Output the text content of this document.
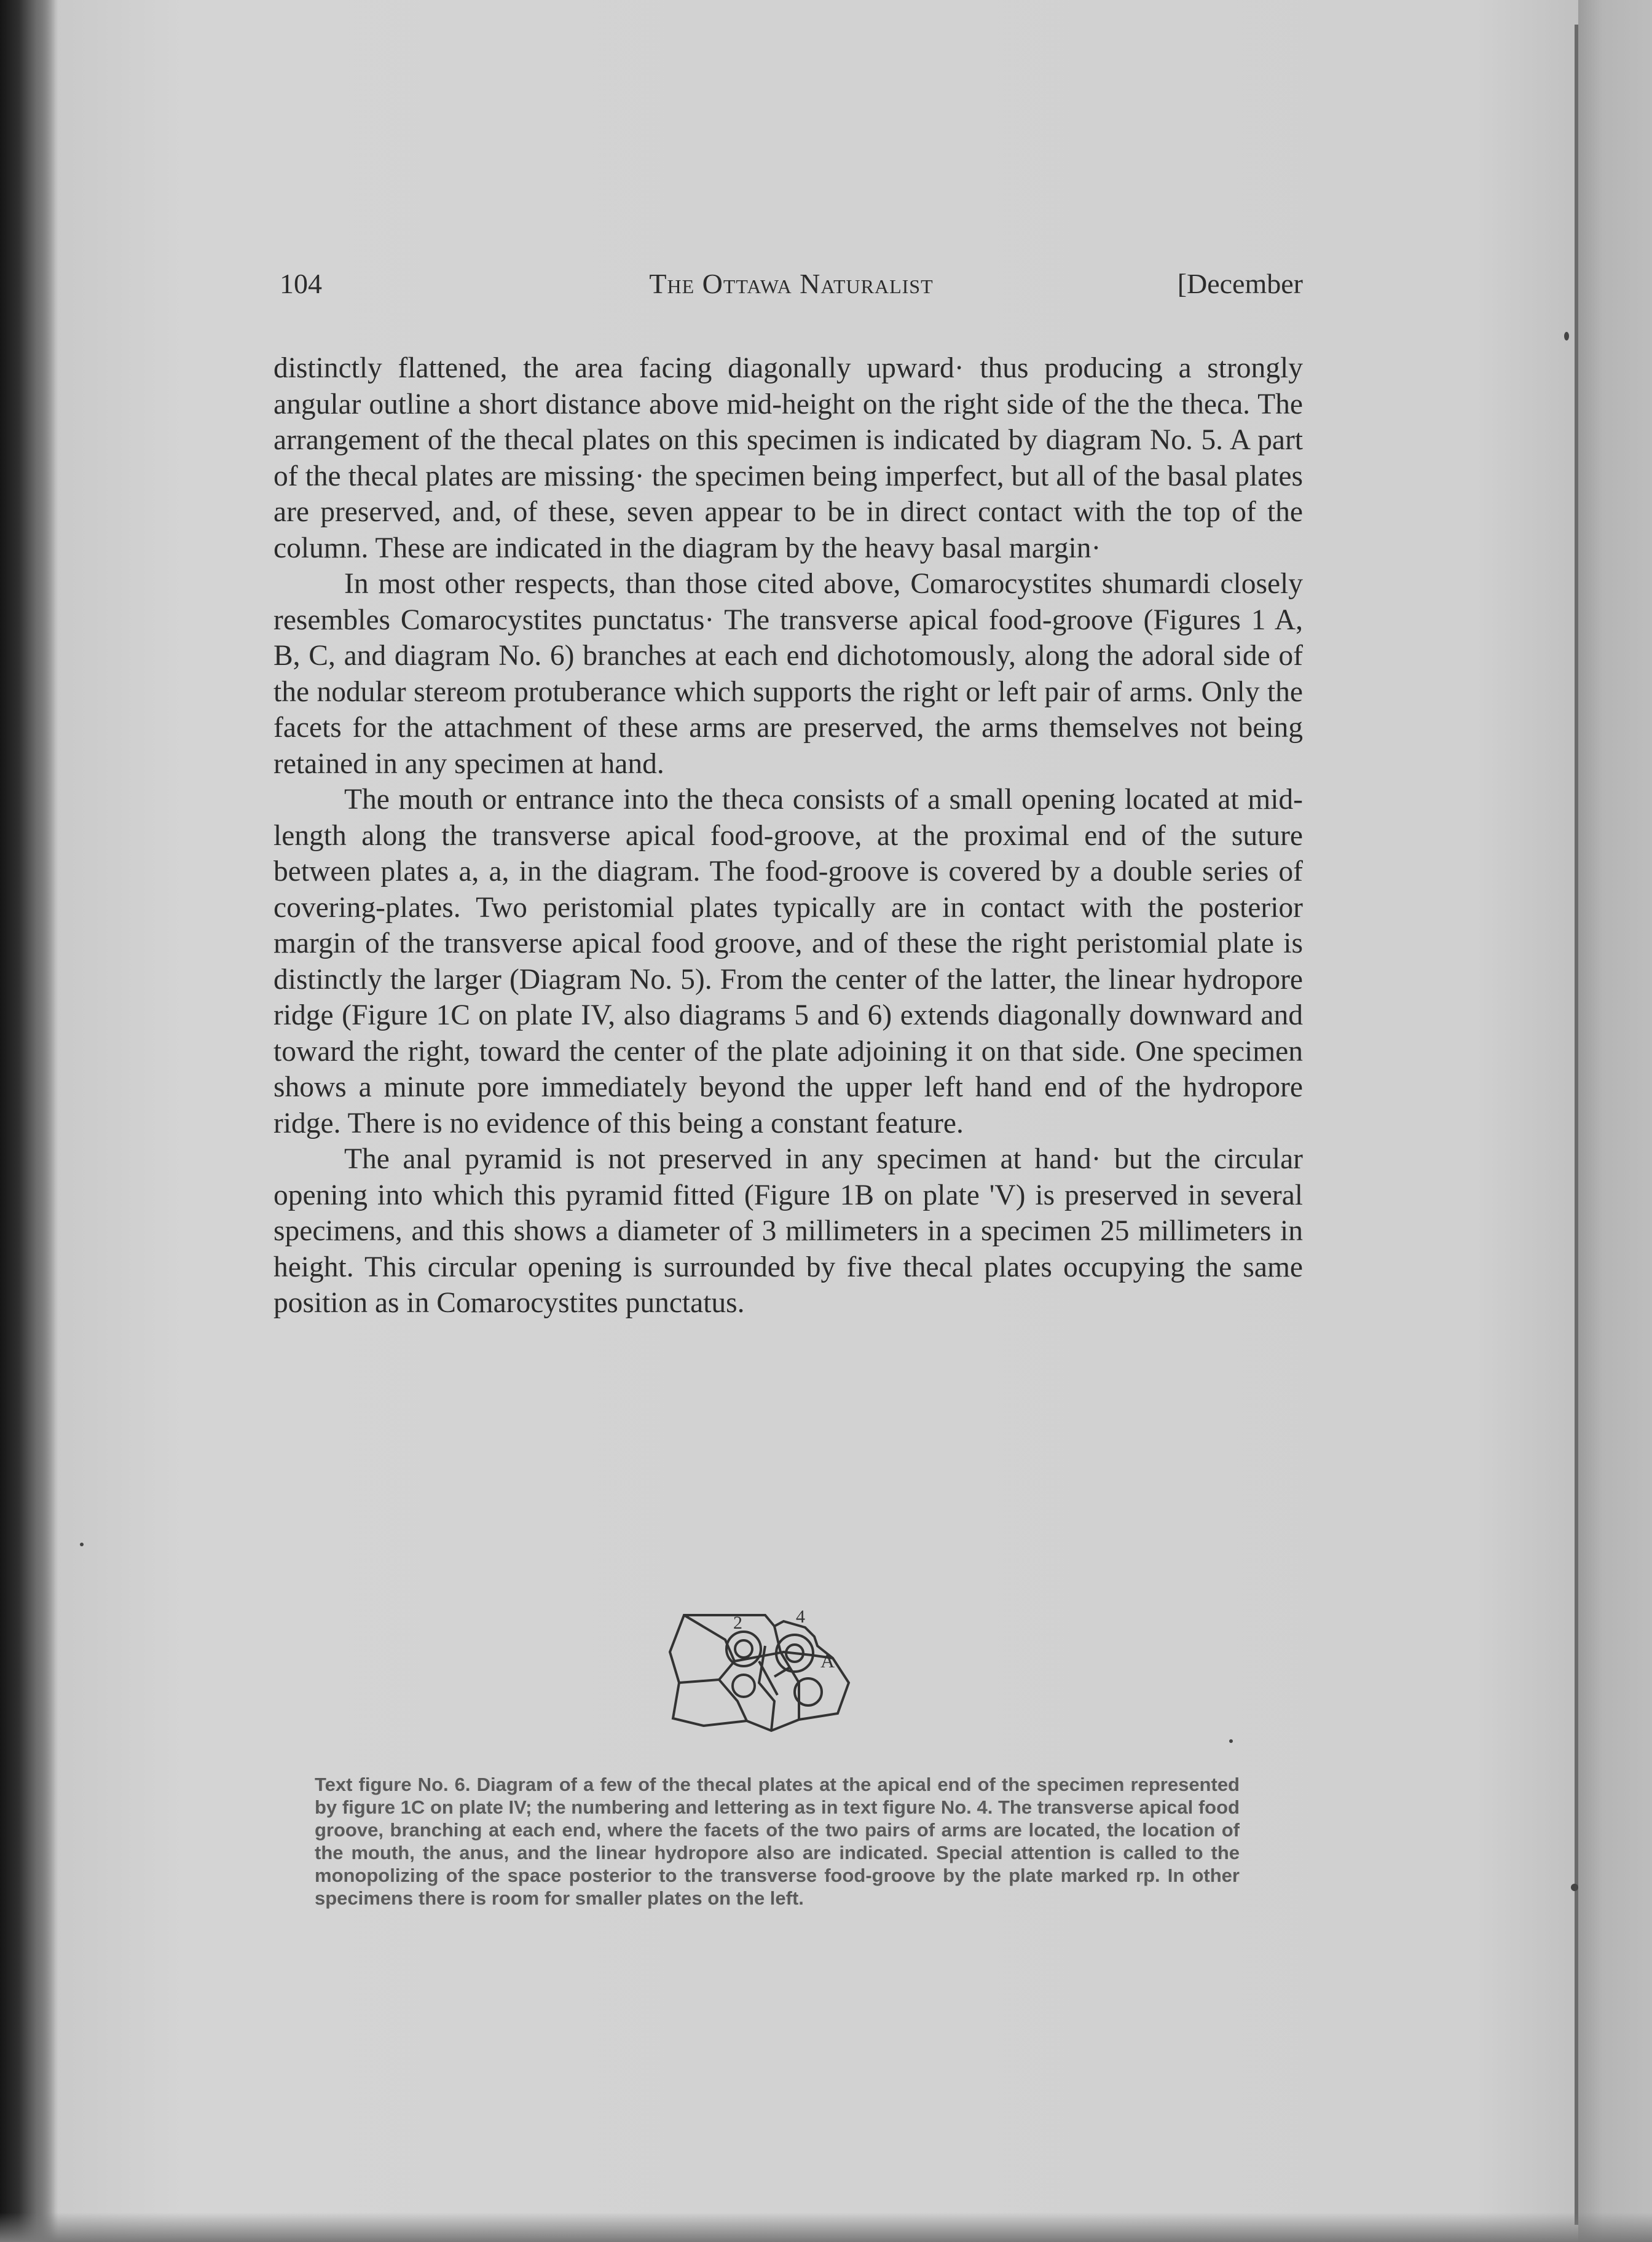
104	The Ottawa Naturalist	[December

distinctly flattened, the area facing diagonally upward· thus producing a strongly angular outline a short distance above mid-height on the right side of the the theca. The arrangement of the thecal plates on this specimen is indicated by diagram No. 5. A part of the thecal plates are missing· the specimen being imperfect, but all of the basal plates are preserved, and, of these, seven appear to be in direct contact with the top of the column. These are indicated in the diagram by the heavy basal margin·

In most other respects, than those cited above, Comarocystites shumardi closely resembles Comarocystites punctatus· The transverse apical food-groove (Figures 1 A, B, C, and diagram No. 6) branches at each end dichotomously, along the adoral side of the nodular stereom protuberance which supports the right or left pair of arms. Only the facets for the attachment of these arms are preserved, the arms themselves not being retained in any specimen at hand.

The mouth or entrance into the theca consists of a small opening located at mid-length along the transverse apical food-groove, at the proximal end of the suture between plates a, a, in the diagram. The food-groove is covered by a double series of covering-plates. Two peristomial plates typically are in contact with the posterior margin of the transverse apical food groove, and of these the right peristomial plate is distinctly the larger (Diagram No. 5). From the center of the latter, the linear hydropore ridge (Figure 1C on plate IV, also diagrams 5 and 6) extends diagonally downward and toward the right, toward the center of the plate adjoining it on that side. One specimen shows a minute pore immediately beyond the upper left hand end of the hydropore ridge. There is no evidence of this being a constant feature.

The anal pyramid is not preserved in any specimen at hand· but the circular opening into which this pyramid fitted (Figure 1B on plate 'V) is preserved in several specimens, and this shows a diameter of 3 millimeters in a specimen 25 millimeters in height. This circular opening is surrounded by five thecal plates occupying the same position as in Comarocystites punctatus.

2	4
A
Text figure No. 6. Diagram of a few of the thecal plates at the apical end of the specimen represented by figure 1C on plate IV; the numbering and lettering as in text figure No. 4. The transverse apical food groove, branching at each end, where the facets of the two pairs of arms are located, the location of the mouth, the anus, and the linear hydropore also are indicated. Special attention is called to the monopolizing of the space posterior to the transverse food-groove by the plate marked rp. In other specimens there is room for smaller plates on the left.
